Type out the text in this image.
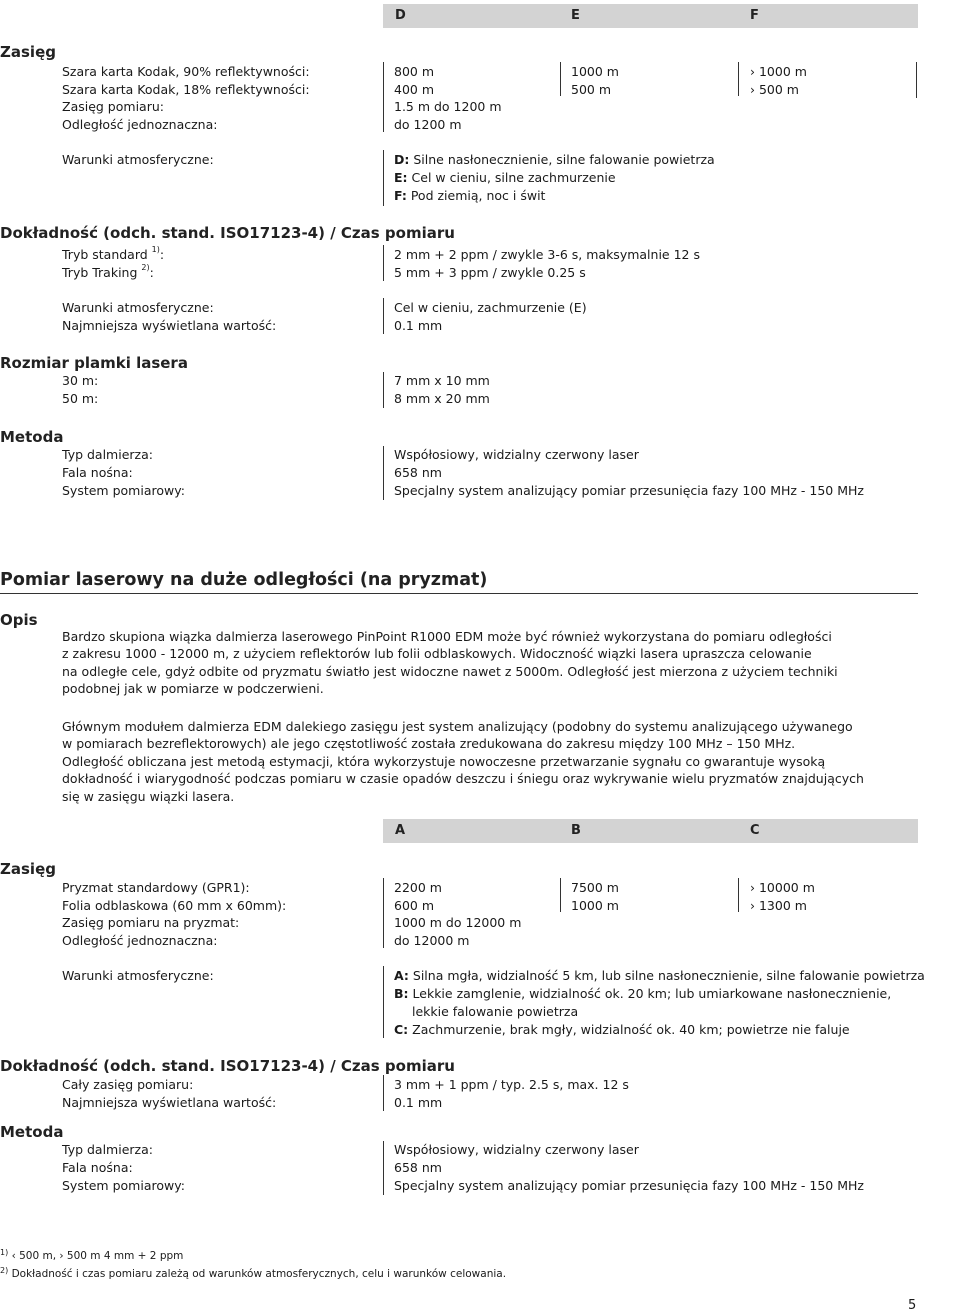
D	E	F
Zasięg
Szara karta Kodak, 90% reflektywności:	800 m	1000 m	› 1000 m
Szara karta Kodak, 18% reflektywności:	400 m	500 m	› 500 m
Zasięg pomiaru:	1.5 m do 1200 m
Odległość jednoznaczna:	do 1200 m
Warunki atmosferyczne:	D: Silne nasłonecznienie, silne falowanie powietrza
E: Cel w cieniu, silne zachmurzenie
F: Pod ziemią, noc i świt
Dokładność (odch. stand. ISO17123-4) / Czas pomiaru
Tryb standard $^{1)}$:	2 mm + 2 ppm / zwykle 3-6 s, maksymalnie 12 s
Tryb Traking $^{2)}$:	5 mm + 3 ppm / zwykle 0.25 s
Warunki atmosferyczne:	Cel w cieniu, zachmurzenie (E)
Najmniejsza wyświetlana wartość:	0.1 mm
Rozmiar plamki lasera
30 m:	7 mm x 10 mm
50 m:	8 mm x 20 mm
Metoda
Typ dalmierza:	Współosiowy, widzialny czerwony laser
Fala nośna:	658 nm
System pomiarowy:	Specjalny system analizujący pomiar przesunięcia fazy 100 MHz - 150 MHz
Pomiar laserowy na duże odległości (na pryzmat)
Opis
Bardzo skupiona wiązka dalmierza laserowego PinPoint R1000 EDM może być również wykorzystana do pomiaru odległości
z zakresu 1000 - 12000 m, z użyciem reflektorów lub folii odblaskowych. Widoczność wiązki lasera upraszcza celowanie
na odległe cele, gdyż odbite od pryzmatu światło jest widoczne nawet z 5000m. Odległość jest mierzona z użyciem techniki
podobnej jak w pomiarze w podczerwieni.
Głównym modułem dalmierza EDM dalekiego zasięgu jest system analizujący (podobny do systemu analizującego używanego
w pomiarach bezreflektorowych) ale jego częstotliwość została zredukowana do zakresu między 100 MHz – 150 MHz.
Odległość obliczana jest metodą estymacji, która wykorzystuje nowoczesne przetwarzanie sygnału co gwarantuje wysoką
dokładność i wiarygodność podczas pomiaru w czasie opadów deszczu i śniegu oraz wykrywanie wielu pryzmatów znajdujących
się w zasięgu wiązki lasera.
A	B	C
Zasięg
Pryzmat standardowy (GPR1):	2200 m	7500 m	› 10000 m
Folia odblaskowa (60 mm x 60mm):	600 m	1000 m	› 1300 m
Zasięg pomiaru na pryzmat:	1000 m do 12000 m
Odległość jednoznaczna:	do 12000 m
Warunki atmosferyczne:	A: Silna mgła, widzialność 5 km, lub silne nasłonecznienie, silne falowanie powietrza
B: Lekkie zamglenie, widzialność ok. 20 km; lub umiarkowane nasłonecznienie,
lekkie falowanie powietrza
C: Zachmurzenie, brak mgły, widzialność ok. 40 km; powietrze nie faluje
Dokładność (odch. stand. ISO17123-4) / Czas pomiaru
Cały zasięg pomiaru:	3 mm + 1 ppm / typ. 2.5 s, max. 12 s
Najmniejsza wyświetlana wartość:	0.1 mm
Metoda
Typ dalmierza:	Współosiowy, widzialny czerwony laser
Fala nośna:	658 nm
System pomiarowy:	Specjalny system analizujący pomiar przesunięcia fazy 100 MHz - 150 MHz
$^{1)}$ ‹ 500 m, › 500 m 4 mm + 2 ppm
$^{2)}$ Dokładność i czas pomiaru zależą od warunków atmosferycznych, celu i warunków celowania.
5
